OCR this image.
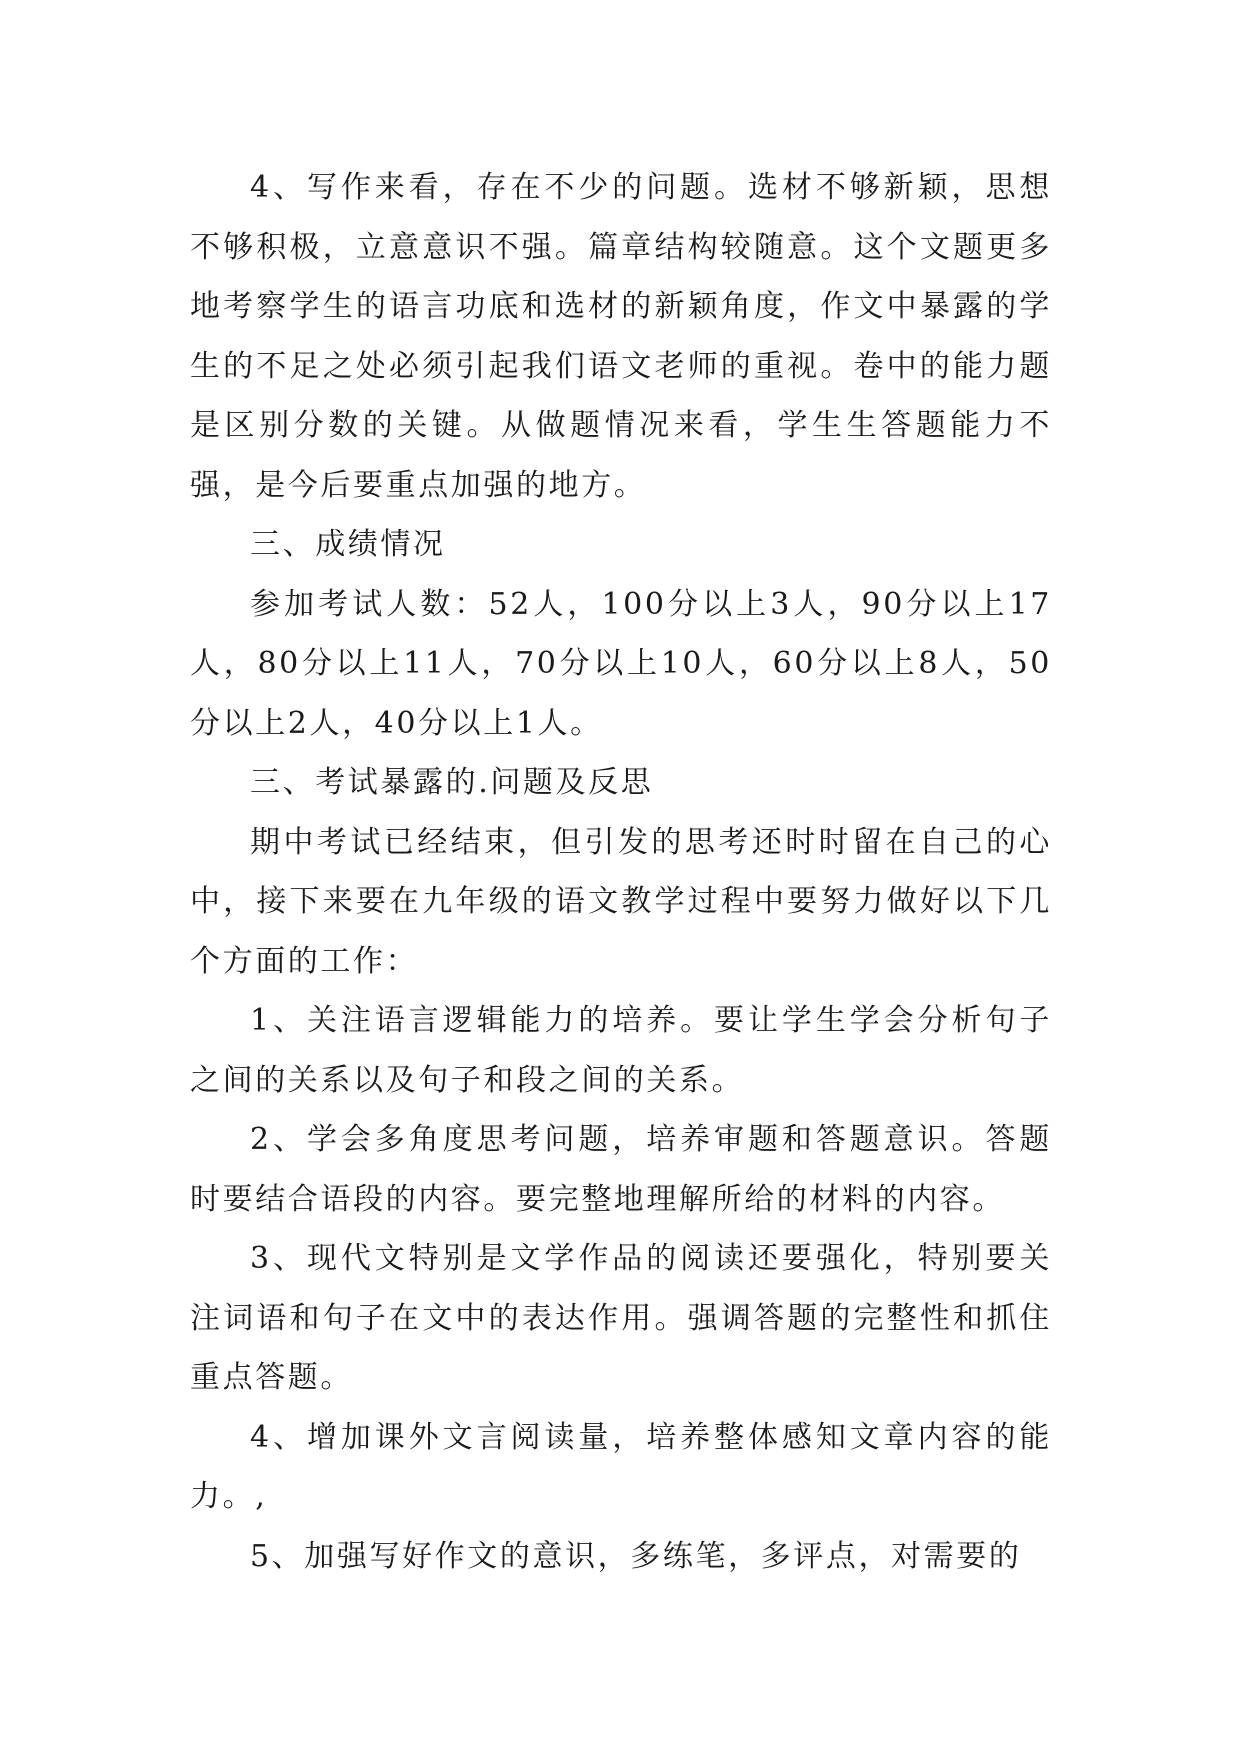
4、写作来看，存在不少的问题。选材不够新颖，思想不够积极，立意意识不强。篇章结构较随意。这个文题更多地考察学生的语言功底和选材的新颖角度，作文中暴露的学生的不足之处必须引起我们语文老师的重视。卷中的能力题是区别分数的关键。从做题情况来看，学生生答题能力不强，是今后要重点加强的地方。

三、成绩情况

参加考试人数：52人，100分以上3人，90分以上17人，80分以上11人，70分以上10人，60分以上8人，50分以上2人，40分以上1人。

三、考试暴露的.问题及反思

期中考试已经结束，但引发的思考还时时留在自己的心中，接下来要在九年级的语文教学过程中要努力做好以下几个方面的工作：

1、关注语言逻辑能力的培养。要让学生学会分析句子之间的关系以及句子和段之间的关系。

2、学会多角度思考问题，培养审题和答题意识。答题时要结合语段的内容。要完整地理解所给的材料的内容。

3、现代文特别是文学作品的阅读还要强化，特别要关注词语和句子在文中的表达作用。强调答题的完整性和抓住重点答题。

4、增加课外文言阅读量，培养整体感知文章内容的能力。,

5、加强写好作文的意识，多练笔，多评点，对需要的
